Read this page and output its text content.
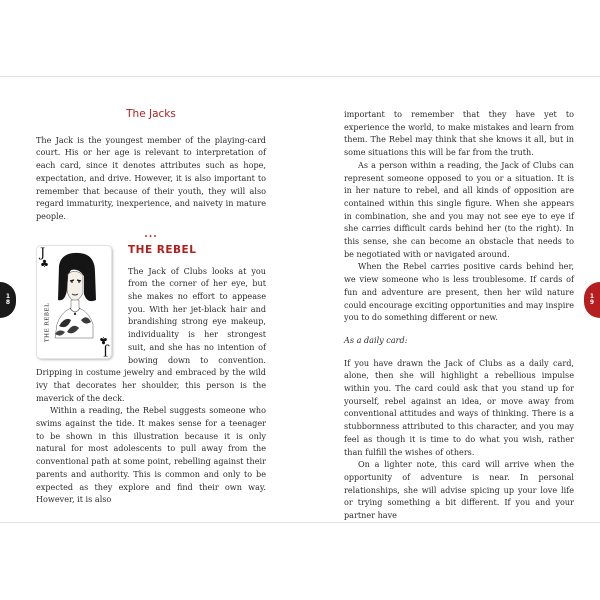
18
19
The Jacks

The Jack is the youngest member of the playing-card court. His or her age is relevant to interpretation of each card, since it denotes attributes such as hope, expectation, and drive. However, it is also important to remember that because of their youth, they will also regard immaturity, inexperience, and naivety in mature people.

...
J
♣
J
♣
THE REBEL
THE REBEL

The Jack of Clubs looks at you from the corner of her eye, but she makes no effort to appease you. With her jet-black hair and brandishing strong eye makeup, individuality is her strongest suit, and she has no intention of bowing down to convention. Dripping in costume jewelry and embraced by the wild ivy that decorates her shoulder, this person is the maverick of the deck.

Within a reading, the Rebel suggests someone who swims against the tide. It makes sense for a teenager to be shown in this illustration because it is only natural for most adolescents to pull away from the conventional path at some point, rebelling against their parents and authority. This is common and only to be expected as they explore and find their own way. However, it is also

important to remember that they have yet to experience the world, to make mistakes and learn from them. The Rebel may think that she knows it all, but in some situations this will be far from the truth.

As a person within a reading, the Jack of Clubs can represent someone opposed to you or a situation. It is in her nature to rebel, and all kinds of opposition are contained within this single figure. When she appears in combination, she and you may not see eye to eye if she carries difficult cards behind her (to the right). In this sense, she can become an obstacle that needs to be negotiated with or navigated around.

When the Rebel carries positive cards behind her, we view someone who is less troublesome. If cards of fun and adventure are present, then her wild nature could encourage exciting opportunities and may inspire you to do something different or new.

As a daily card:

If you have drawn the Jack of Clubs as a daily card, alone, then she will highlight a rebellious impulse within you. The card could ask that you stand up for yourself, rebel against an idea, or move away from conventional attitudes and ways of thinking. There is a stubbornness attributed to this character, and you may feel as though it is time to do what you wish, rather than fulfill the wishes of others.

On a lighter note, this card will arrive when the opportunity of adventure is near. In personal relationships, she will advise spicing up your love life or trying something a bit different. If you and your partner have
